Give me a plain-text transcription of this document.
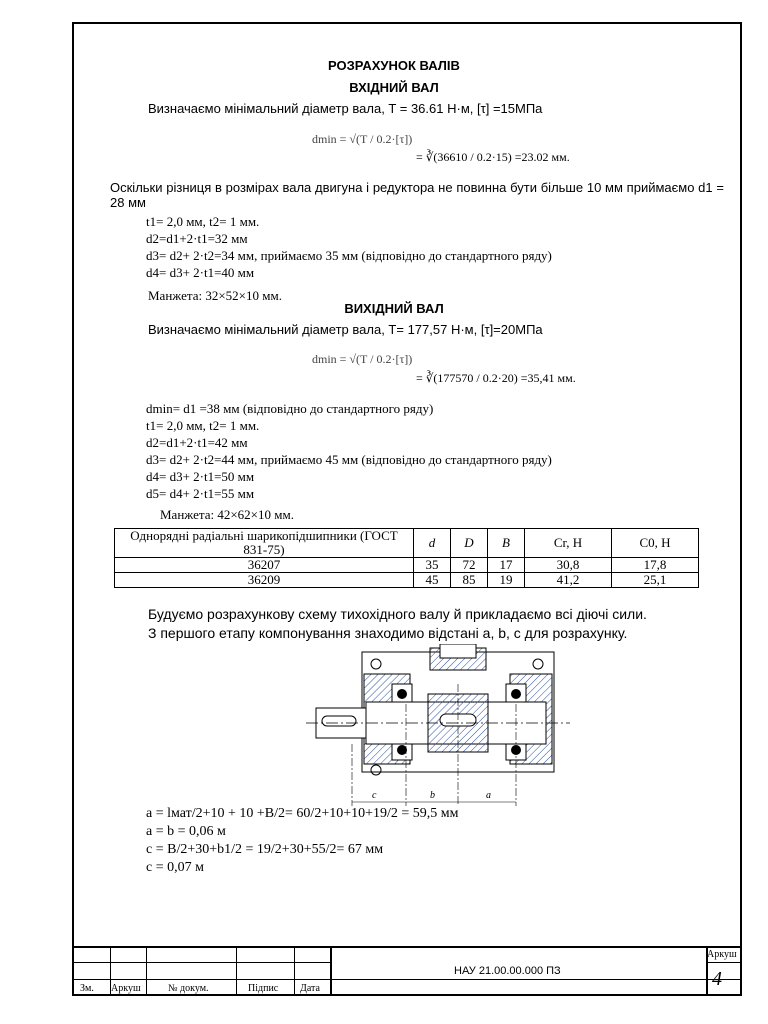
РОЗРАХУНОК ВАЛІВ
ВХІДНИЙ ВАЛ
Визначаємо мінімальний діаметр вала, T = 36.61 Н·м, [τ] =15МПа
dmin = √(T / 0.2·[τ])
= ∛(36610 / 0.2·15) =23.02 мм.
Оскільки різниця в розмірах вала двигуна і редуктора не повинна бути більше 10 мм приймаємо d1 = 28 мм
t1= 2,0 мм, t2= 1 мм.
d2=d1+2·t1=32 мм
d3= d2+ 2·t2=34 мм, приймаємо 35 мм (відповідно до стандартного ряду)
d4= d3+ 2·t1=40 мм
Манжета: 32×52×10 мм.
ВИХІДНИЙ ВАЛ
Визначаємо мінімальний діаметр вала, T= 177,57 Н·м, [τ]=20МПа
dmin = √(T / 0.2·[τ])
= ∛(177570 / 0.2·20) =35,41 мм.
dmin= d1 =38 мм (відповідно до стандартного ряду)
t1= 2,0 мм, t2= 1 мм.
d2=d1+2·t1=42 мм
d3= d2+ 2·t2=44 мм, приймаємо 45 мм (відповідно до стандартного ряду)
d4= d3+ 2·t1=50 мм
d5= d4+ 2·t1=55 мм
Манжета: 42×62×10 мм.
Однорядні радіальні шарикопідшипники (ГОСТ 831-75)	d	D	B	Cr, Н	C0, Н
36207	35	72	17	30,8	17,8
36209	45	85	19	41,2	25,1
Будуємо розрахункову схему тихохідного валу й прикладаємо всі діючі сили.
З першого етапу компонування знаходимо відстані a, b, c для розрахунку.
c	b	a
a = lмат/2+10 + 10 +B/2= 60/2+10+10+19/2 = 59,5 мм
a = b = 0,06 м
c = B/2+30+b1/2 = 19/2+30+55/2= 67 мм
c = 0,07 м
Зм. Аркуш	№ докум.	Підпис Дата
НАУ 21.00.00.000 ПЗ
Аркуш
4
